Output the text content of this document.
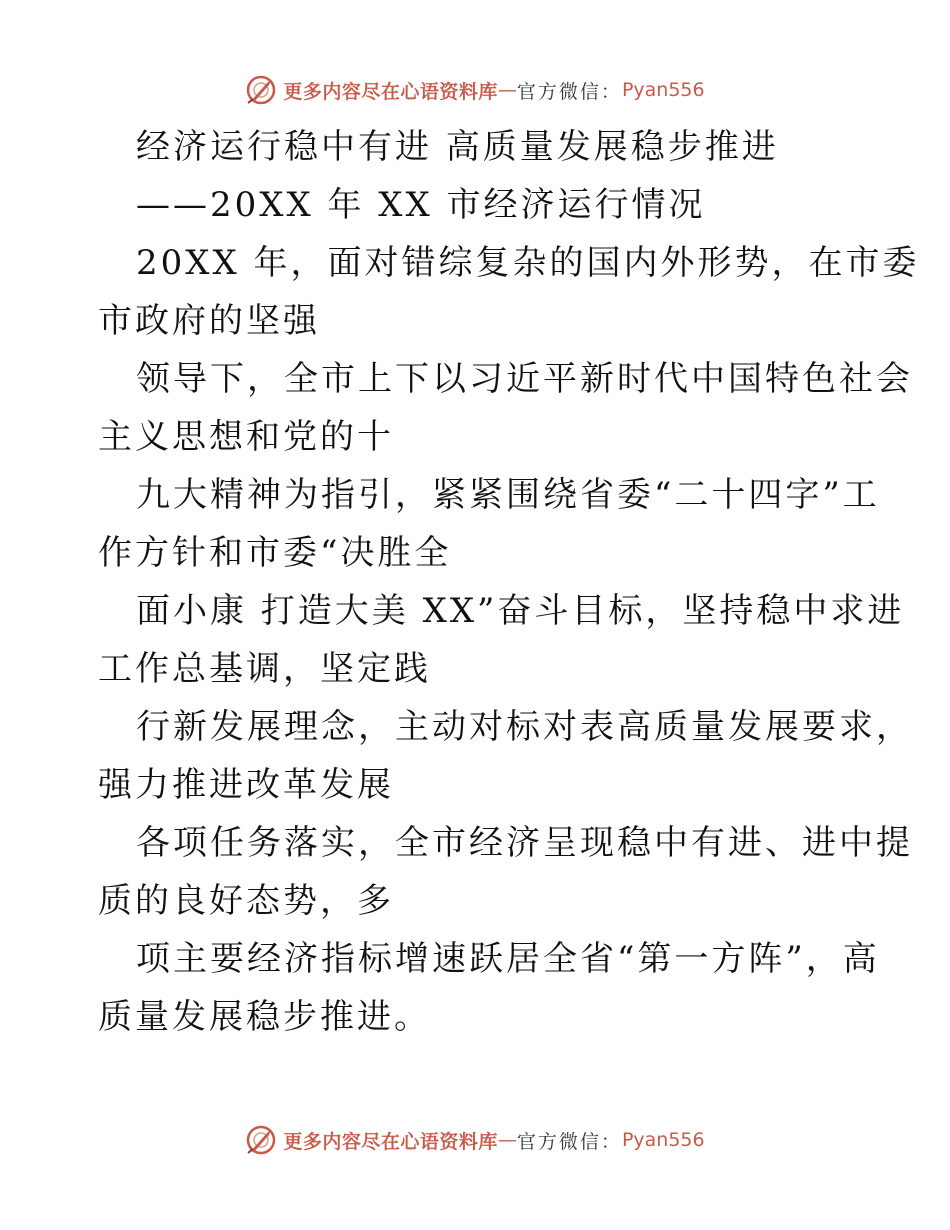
更多内容尽在心语资料库 — 官方微信： Pyan556
经济运行稳中有进 高质量发展稳步推进
——20XX 年 XX 市经济运行情况
20XX 年，面对错综复杂的国内外形势，在市委
市政府的坚强
领导下，全市上下以习近平新时代中国特色社会
主义思想和党的十
九大精神为指引，紧紧围绕省委“二十四字”工
作方针和市委“决胜全
面小康 打造大美 XX”奋斗目标，坚持稳中求进
工作总基调，坚定践
行新发展理念，主动对标对表高质量发展要求，
强力推进改革发展
各项任务落实，全市经济呈现稳中有进、进中提
质的良好态势，多
项主要经济指标增速跃居全省“第一方阵”，高
质量发展稳步推进。
更多内容尽在心语资料库 — 官方微信： Pyan556
